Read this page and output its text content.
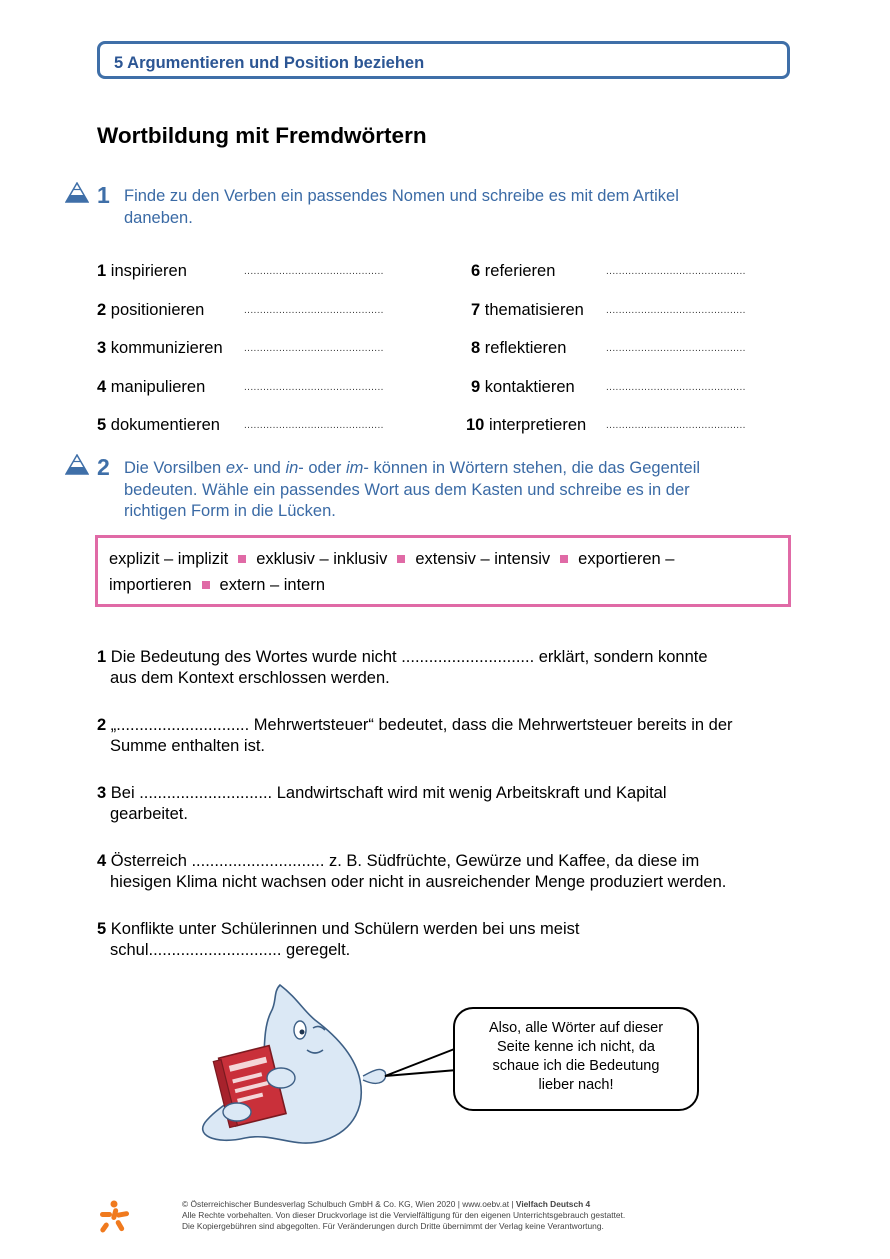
5 Argumentieren und Position beziehen
Wortbildung mit Fremdwörtern
1 Finde zu den Verben ein passendes Nomen und schreibe es mit dem Artikel
daneben.
1 inspirieren
2 positionieren
3 kommunizieren
4 manipulieren
5 dokumentieren
............................................
............................................
............................................
............................................
............................................
6 referieren
7 thematisieren
8 reflektieren
9 kontaktieren
10 interpretieren
............................................
............................................
............................................
............................................
............................................
2 Die Vorsilben ex- und in- oder im- können in Wörtern stehen, die das Gegenteil
bedeuten. Wähle ein passendes Wort aus dem Kasten und schreibe es in der
richtigen Form in die Lücken.
explizit – implizit exklusiv – inklusiv extensiv – intensiv exportieren –
importieren extern – intern
1 Die Bedeutung des Wortes wurde nicht ............................. erklärt, sondern konnte
aus dem Kontext erschlossen werden.
2 „............................. Mehrwertsteuer“ bedeutet, dass die Mehrwertsteuer bereits in der
Summe enthalten ist.
3 Bei ............................. Landwirtschaft wird mit wenig Arbeitskraft und Kapital
gearbeitet.
4 Österreich ............................. z. B. Südfrüchte, Gewürze und Kaffee, da diese im
hiesigen Klima nicht wachsen oder nicht in ausreichender Menge produziert werden.
5 Konflikte unter Schülerinnen und Schülern werden bei uns meist
schul............................. geregelt.
Also, alle Wörter auf dieser
Seite kenne ich nicht, da
schaue ich die Bedeutung
lieber nach!
© Österreichischer Bundesverlag Schulbuch GmbH & Co. KG, Wien 2020 | www.oebv.at | Vielfach Deutsch 4
Alle Rechte vorbehalten. Von dieser Druckvorlage ist die Vervielfältigung für den eigenen Unterrichtsgebrauch gestattet.
Die Kopiergebühren sind abgegolten. Für Veränderungen durch Dritte übernimmt der Verlag keine Verantwortung.
